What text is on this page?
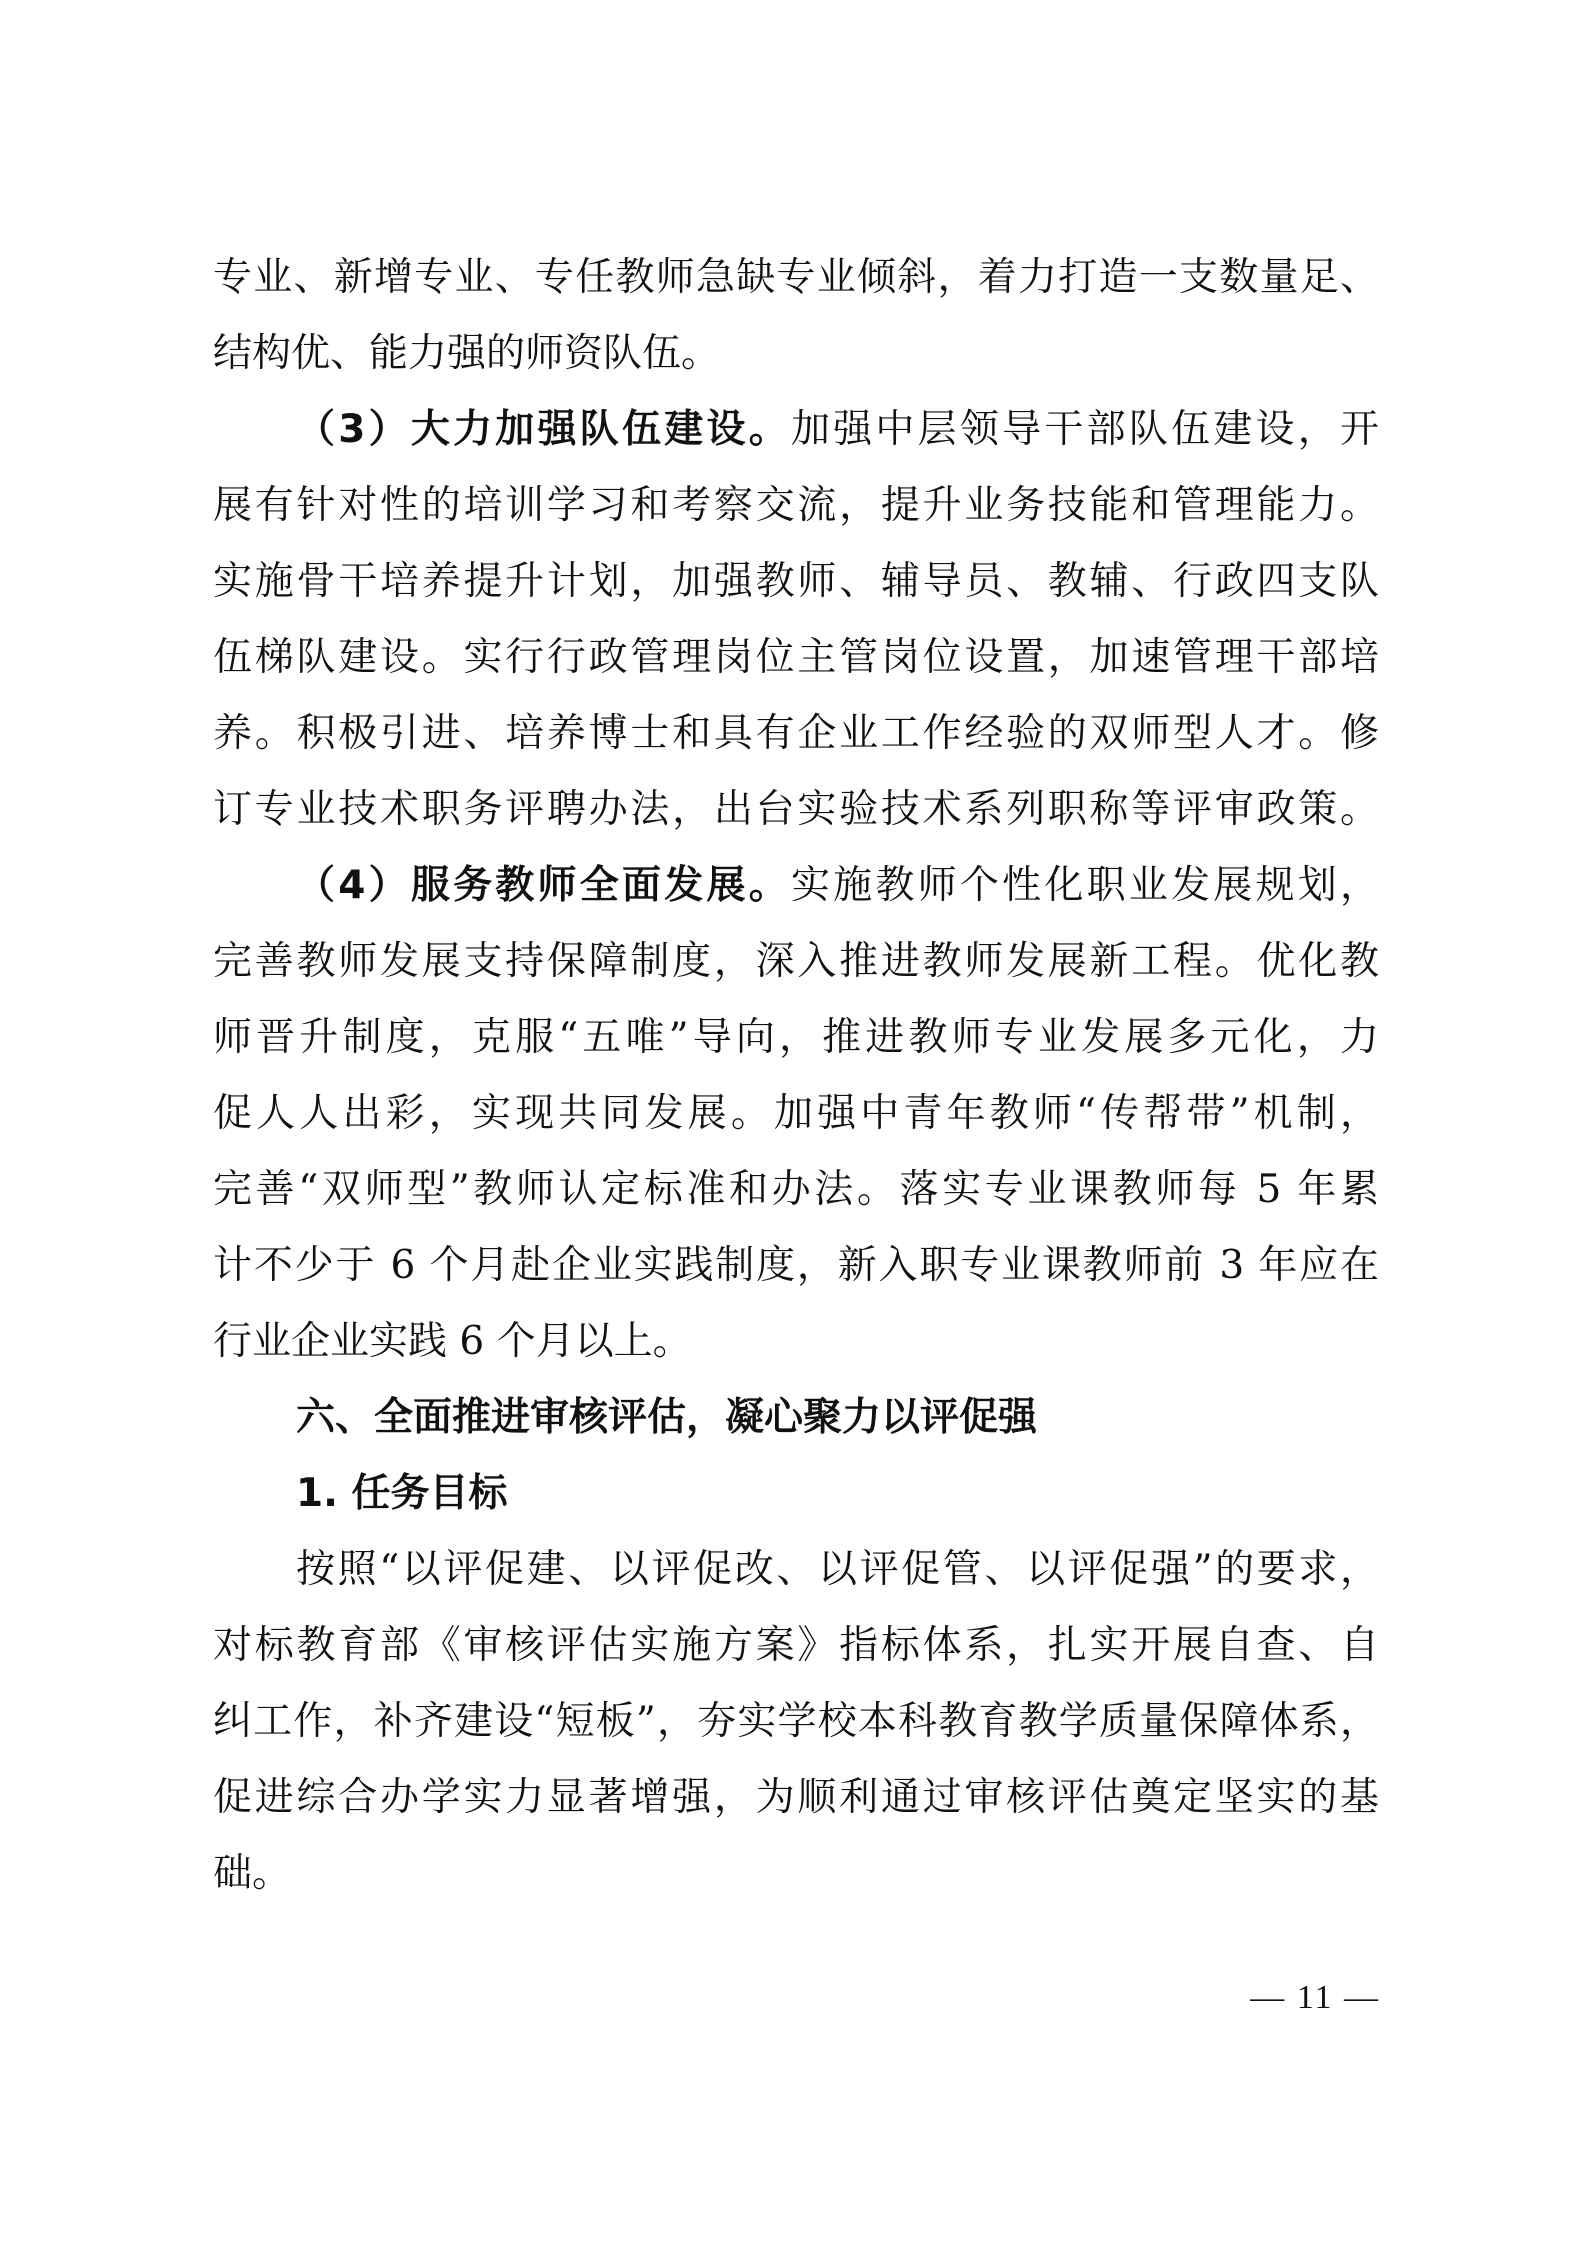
专业、新增专业、专任教师急缺专业倾斜，着力打造一支数量足、
结构优、能力强的师资队伍。
（3）大力加强队伍建设。加强中层领导干部队伍建设，开
展有针对性的培训学习和考察交流，提升业务技能和管理能力。
实施骨干培养提升计划，加强教师、辅导员、教辅、行政四支队
伍梯队建设。实行行政管理岗位主管岗位设置，加速管理干部培
养。积极引进、培养博士和具有企业工作经验的双师型人才。修
订专业技术职务评聘办法，出台实验技术系列职称等评审政策。
（4）服务教师全面发展。实施教师个性化职业发展规划，
完善教师发展支持保障制度，深入推进教师发展新工程。优化教
师晋升制度，克服“五唯”导向，推进教师专业发展多元化，力
促人人出彩，实现共同发展。加强中青年教师“传帮带”机制，
完善“双师型”教师认定标准和办法。落实专业课教师每 5 年累
计不少于 6 个月赴企业实践制度，新入职专业课教师前 3 年应在
行业企业实践 6 个月以上。
六、全面推进审核评估，凝心聚力以评促强
1. 任务目标
按照“以评促建、以评促改、以评促管、以评促强”的要求，
对标教育部《审核评估实施方案》指标体系，扎实开展自查、自
纠工作，补齐建设“短板”，夯实学校本科教育教学质量保障体系，
促进综合办学实力显著增强，为顺利通过审核评估奠定坚实的基
础。
— 11 —
